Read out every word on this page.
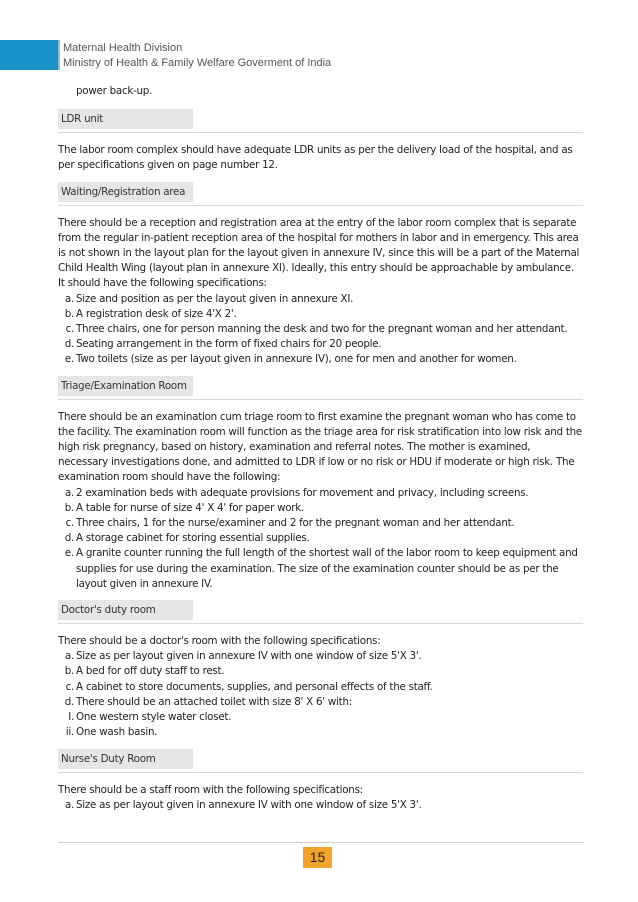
Maternal Health Division
Ministry of Health & Family Welfare Goverment of India

power back-up.

LDR unit

The labor room complex should have adequate LDR units as per the delivery load of the hospital, and as per specifications given on page number 12.

Waiting/Registration area

There should be a reception and registration area at the entry of the labor room complex that is separate from the regular in-patient reception area of the hospital for mothers in labor and in emergency. This area is not shown in the layout plan for the layout given in annexure IV, since this will be a part of the Maternal Child Health Wing (layout plan in annexure XI). Ideally, this entry should be approachable by ambulance. It should have the following specifications:

a. Size and position as per the layout given in annexure XI.
b. A registration desk of size 4'X 2'.
c. Three chairs, one for person manning the desk and two for the pregnant woman and her attendant.
d. Seating arrangement in the form of fixed chairs for 20 people.
e. Two toilets (size as per layout given in annexure IV), one for men and another for women.
Triage/Examination Room

There should be an examination cum triage room to first examine the pregnant woman who has come to the facility. The examination room will function as the triage area for risk stratification into low risk and the high risk pregnancy, based on history, examination and referral notes. The mother is examined, necessary investigations done, and admitted to LDR if low or no risk or HDU if moderate or high risk. The examination room should have the following:

a. 2 examination beds with adequate provisions for movement and privacy, including screens.
b. A table for nurse of size 4' X 4' for paper work.
c. Three chairs, 1 for the nurse/examiner and 2 for the pregnant woman and her attendant.
d. A storage cabinet for storing essential supplies.
e. A granite counter running the full length of the shortest wall of the labor room to keep equipment and supplies for use during the examination. The size of the examination counter should be as per the layout given in annexure IV.
Doctor's duty room

There should be a doctor's room with the following specifications:

a. Size as per layout given in annexure IV with one window of size 5'X 3'.
b. A bed for off duty staff to rest.
c. A cabinet to store documents, supplies, and personal effects of the staff.
d. There should be an attached toilet with size 8' X 6' with:
I. One western style water closet.
ii. One wash basin.
Nurse's Duty Room

There should be a staff room with the following specifications:

a. Size as per layout given in annexure IV with one window of size 5'X 3'.
15
